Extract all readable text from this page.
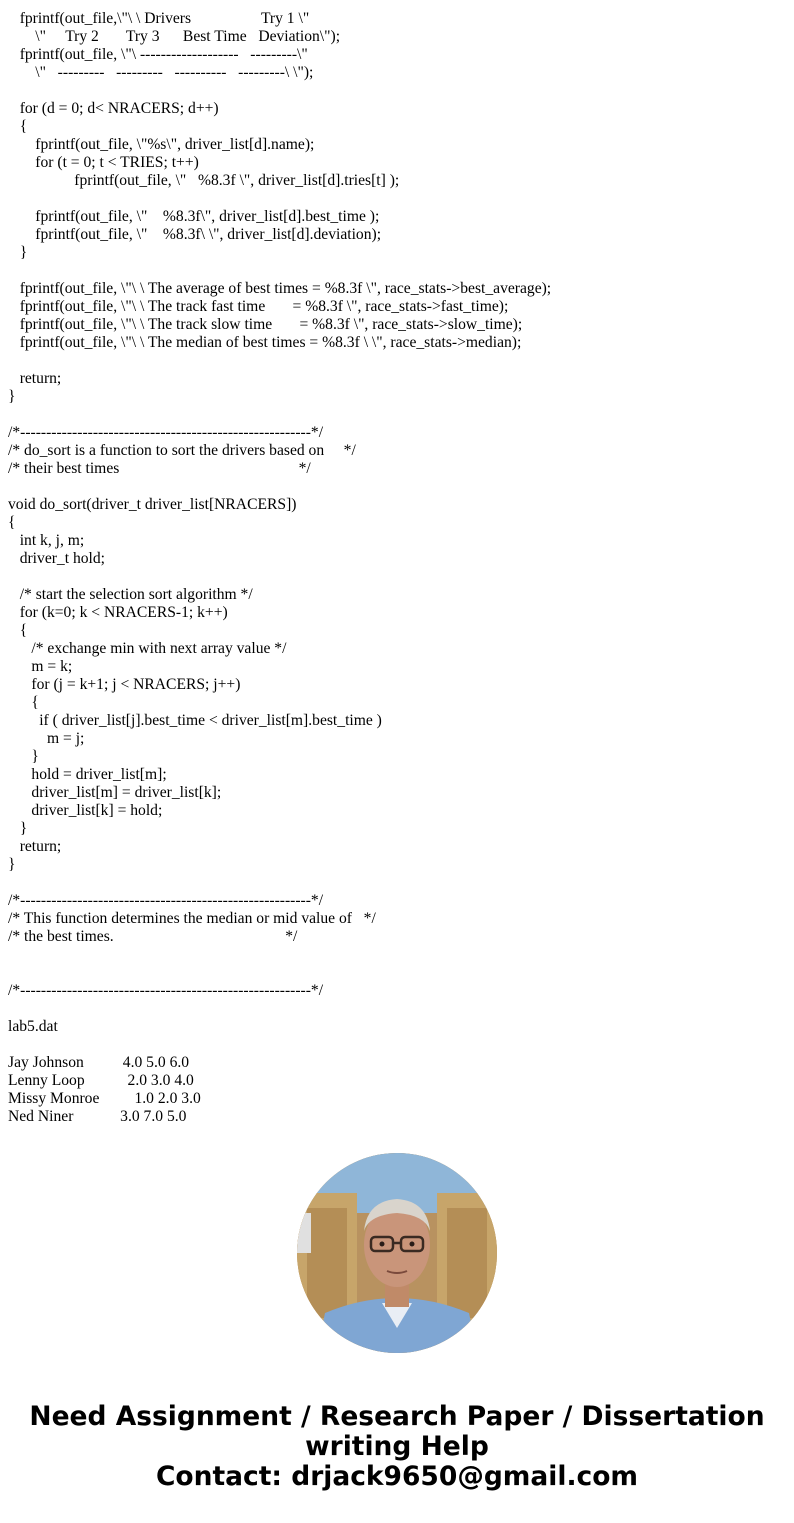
fprintf(out_file,\"\ \ Drivers                  Try 1 \"
\"     Try 2       Try 3      Best Time   Deviation\");
fprintf(out_file, \"\ -------------------   ---------\"
\"   ---------   ---------   ----------   ---------\ \");
for (d = 0; d< NRACERS; d++)
{
fprintf(out_file, \"%s\", driver_list[d].name);
for (t = 0; t < TRIES; t++)
fprintf(out_file, \"   %8.3f \", driver_list[d].tries[t] );
fprintf(out_file, \"    %8.3f\", driver_list[d].best_time );
fprintf(out_file, \"    %8.3f\ \", driver_list[d].deviation);
}
fprintf(out_file, \"\ \ The average of best times = %8.3f \", race_stats->best_average);
fprintf(out_file, \"\ \ The track fast time       = %8.3f \", race_stats->fast_time);
fprintf(out_file, \"\ \ The track slow time       = %8.3f \", race_stats->slow_time);
fprintf(out_file, \"\ \ The median of best times = %8.3f \ \", race_stats->median);
return;
}
/*--------------------------------------------------------*/
/* do_sort is a function to sort the drivers based on     */
/* their best times                                              */
void do_sort(driver_t driver_list[NRACERS])
{
int k, j, m;
driver_t hold;
/* start the selection sort algorithm */
for (k=0; k < NRACERS-1; k++)
{
/* exchange min with next array value */
m = k;
for (j = k+1; j < NRACERS; j++)
{
if ( driver_list[j].best_time < driver_list[m].best_time )
m = j;
}
hold = driver_list[m];
driver_list[m] = driver_list[k];
driver_list[k] = hold;
}
return;
}
/*--------------------------------------------------------*/
/* This function determines the median or mid value of   */
/* the best times.                                            */
/*--------------------------------------------------------*/
lab5.dat
Jay Johnson          4.0 5.0 6.0
Lenny Loop           2.0 3.0 4.0
Missy Monroe         1.0 2.0 3.0
Ned Niner            3.0 7.0 5.0
Need Assignment / Research Paper / Dissertation
writing Help
Contact: drjack9650@gmail.com
